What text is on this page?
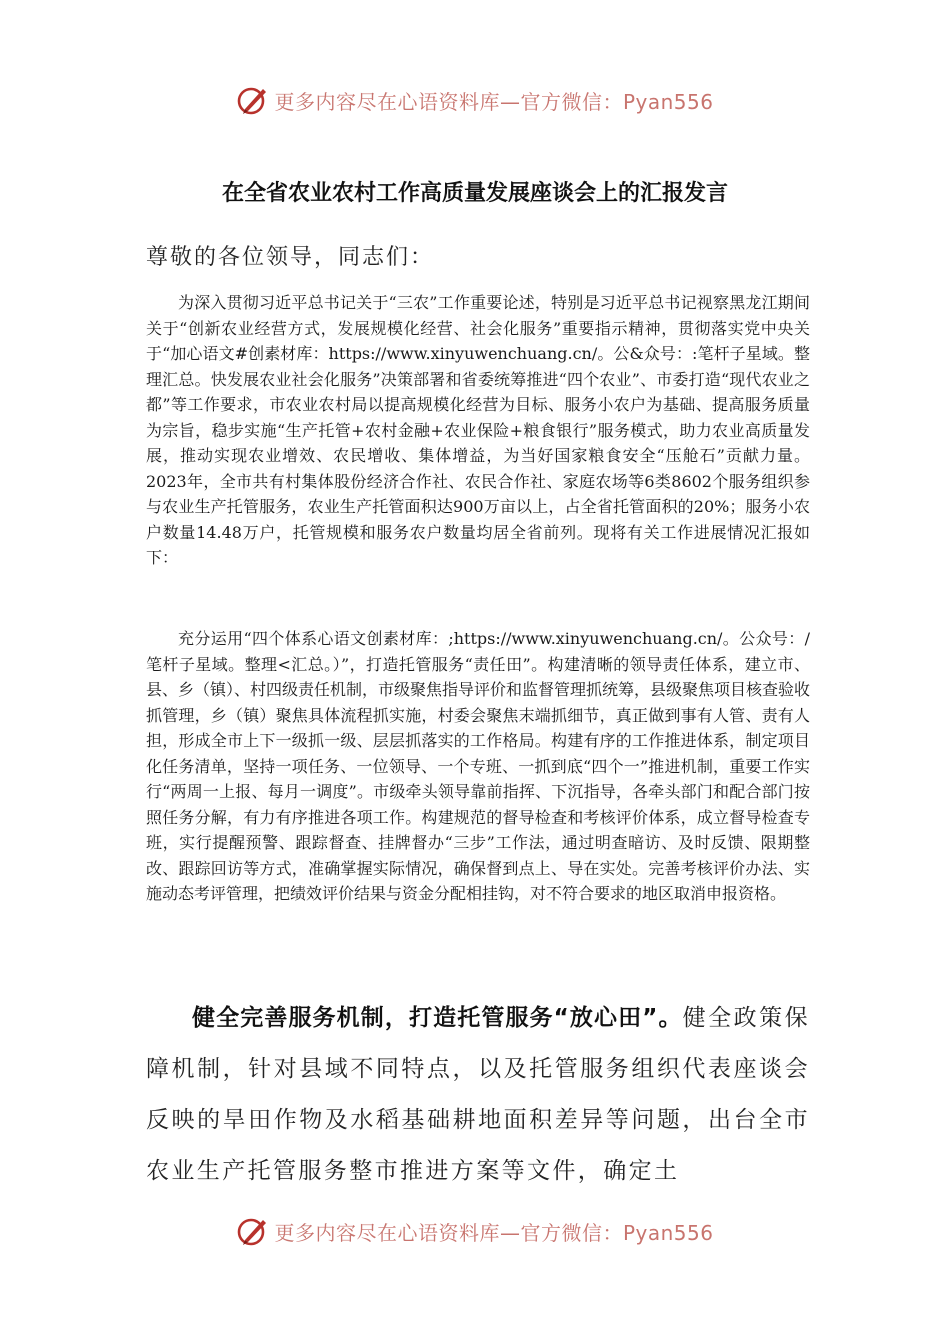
更多内容尽在心语资料库—官方微信：Pyan556
在全省农业农村工作高质量发展座谈会上的汇报发言
尊敬的各位领导，同志们：

为深入贯彻习近平总书记关于“三农”工作重要论述，特别是习近平总书记视察黑龙江期间关于“创新农业经营方式，发展规模化经营、社会化服务”重要指示精神，贯彻落实党中央关于“加心语文#创素材库：https://www.xinyuwenchuang.cn/。公&众号：:笔杆子星域。整理汇总。快发展农业社会化服务”决策部署和省委统筹推进“四个农业”、市委打造“现代农业之都”等工作要求，市农业农村局以提高规模化经营为目标、服务小农户为基础、提高服务质量为宗旨，稳步实施“生产托管+农村金融+农业保险+粮食银行”服务模式，助力农业高质量发展，推动实现农业增效、农民增收、集体增益，为当好国家粮食安全“压舱石”贡献力量。2023年，全市共有村集体股份经济合作社、农民合作社、家庭农场等6类8602个服务组织参与农业生产托管服务，农业生产托管面积达900万亩以上，占全省托管面积的20%；服务小农户数量14.48万户，托管规模和服务农户数量均居全省前列。现将有关工作进展情况汇报如下：

充分运用“四个体系心语文创素材库：;https://www.xinyuwenchuang.cn/。公众号：/笔杆子星域。整理<汇总。）”，打造托管服务“责任田”。构建清晰的领导责任体系，建立市、县、乡（镇）、村四级责任机制，市级聚焦指导评价和监督管理抓统筹，县级聚焦项目核查验收抓管理，乡（镇）聚焦具体流程抓实施，村委会聚焦末端抓细节，真正做到事有人管、责有人担，形成全市上下一级抓一级、层层抓落实的工作格局。构建有序的工作推进体系，制定项目化任务清单，坚持一项任务、一位领导、一个专班、一抓到底“四个一”推进机制，重要工作实行“两周一上报、每月一调度”。市级牵头领导靠前指挥、下沉指导，各牵头部门和配合部门按照任务分解，有力有序推进各项工作。构建规范的督导检查和考核评价体系，成立督导检查专班，实行提醒预警、跟踪督查、挂牌督办“三步”工作法，通过明查暗访、及时反馈、限期整改、跟踪回访等方式，准确掌握实际情况，确保督到点上、导在实处。完善考核评价办法、实施动态考评管理，把绩效评价结果与资金分配相挂钩，对不符合要求的地区取消申报资格。

健全完善服务机制，打造托管服务“放心田”。健全政策保障机制，针对县域不同特点，以及托管服务组织代表座谈会反映的旱田作物及水稻基础耕地面积差异等问题，出台全市农业生产托管服务整市推进方案等文件，确定土

更多内容尽在心语资料库—官方微信：Pyan556
